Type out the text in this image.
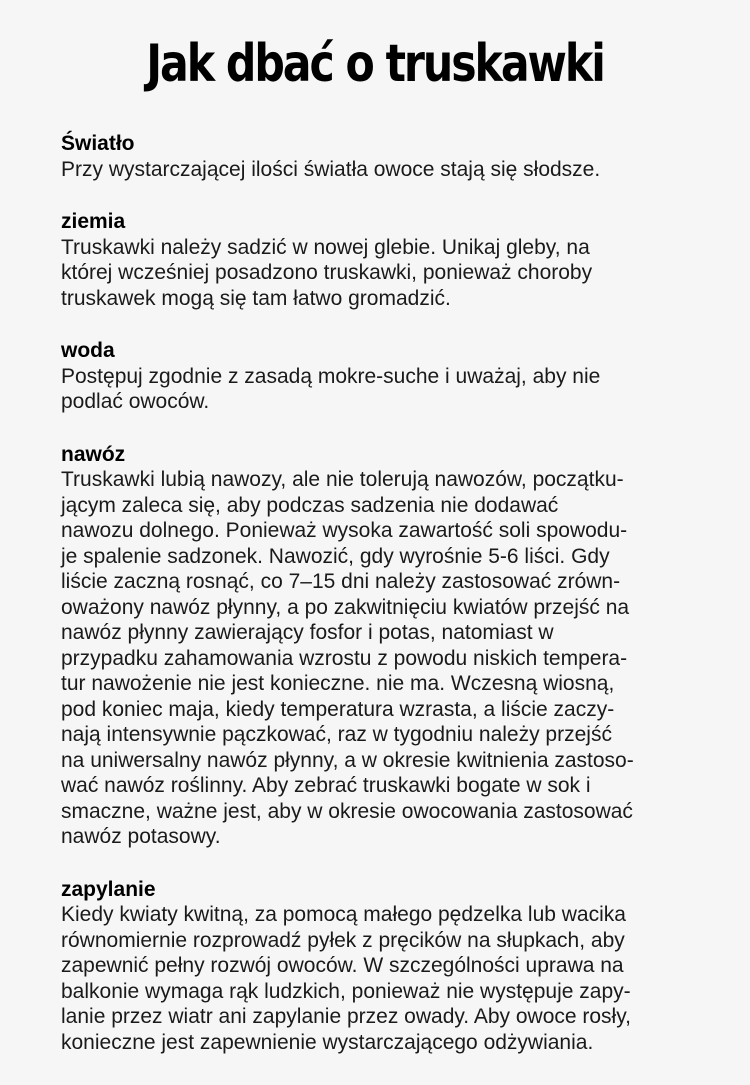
Jak dbać o truskawki
Światło

Przy wystarczającej ilości światła owoce stają się słodsze.

ziemia

Truskawki należy sadzić w nowej glebie. Unikaj gleby, na
której wcześniej posadzono truskawki, ponieważ choroby
truskawek mogą się tam łatwo gromadzić.

woda

Postępuj zgodnie z zasadą mokre-suche i uważaj, aby nie
podlać owoców.

nawóz

Truskawki lubią nawozy, ale nie tolerują nawozów, początku-
jącym zaleca się, aby podczas sadzenia nie dodawać
nawozu dolnego. Ponieważ wysoka zawartość soli spowodu-
je spalenie sadzonek. Nawozić, gdy wyrośnie 5-6 liści. Gdy
liście zaczną rosnąć, co 7–15 dni należy zastosować zrówn-
oważony nawóz płynny, a po zakwitnięciu kwiatów przejść na
nawóz płynny zawierający fosfor i potas, natomiast w
przypadku zahamowania wzrostu z powodu niskich tempera-
tur nawożenie nie jest konieczne. nie ma. Wczesną wiosną,
pod koniec maja, kiedy temperatura wzrasta, a liście zaczy-
nają intensywnie pączkować, raz w tygodniu należy przejść
na uniwersalny nawóz płynny, a w okresie kwitnienia zastoso-
wać nawóz roślinny. Aby zebrać truskawki bogate w sok i
smaczne, ważne jest, aby w okresie owocowania zastosować
nawóz potasowy.

zapylanie

Kiedy kwiaty kwitną, za pomocą małego pędzelka lub wacika
równomiernie rozprowadź pyłek z pręcików na słupkach, aby
zapewnić pełny rozwój owoców. W szczególności uprawa na
balkonie wymaga rąk ludzkich, ponieważ nie występuje zapy-
lanie przez wiatr ani zapylanie przez owady. Aby owoce rosły,
konieczne jest zapewnienie wystarczającego odżywiania.
